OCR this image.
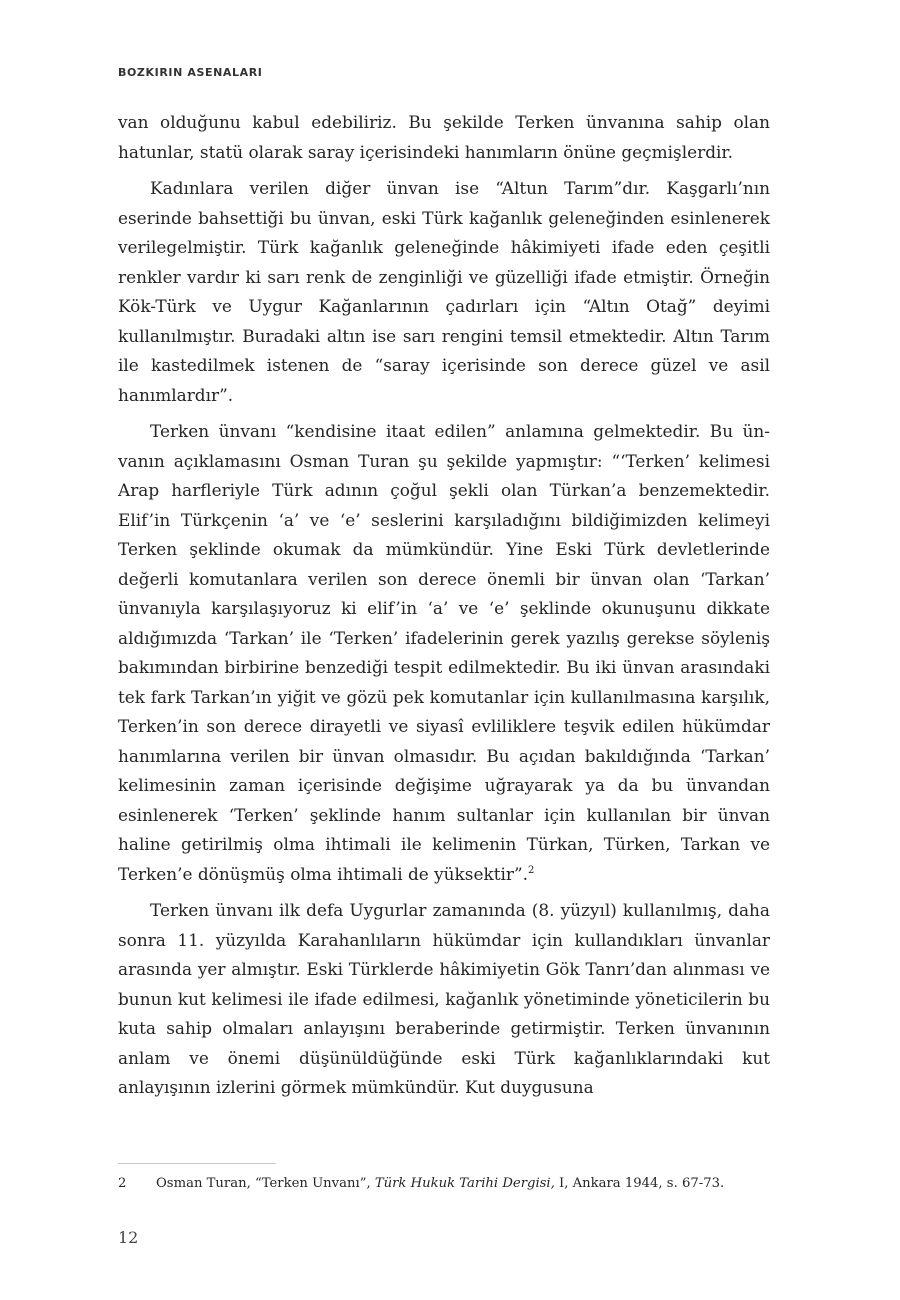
BOZKIRIN ASENALARI

van olduğunu kabul edebiliriz. Bu şekilde Terken ünvanına sahip olan hatunlar, statü olarak saray içerisindeki hanımların önüne geçmişlerdir.

Kadınlara verilen diğer ünvan ise “Altun Tarım”dır. Kaşgarlı’nın eserinde bahsettiği bu ünvan, eski Türk kağanlık geleneğinden esinlenerek verilegelmiştir. Türk kağanlık geleneğinde hâkimiyeti ifade eden çeşitli renkler vardır ki sarı renk de zenginliği ve güzelliği ifade etmiştir. Örneğin Kök-Türk ve Uygur Kağanlarının çadırları için “Altın Otağ” deyimi kullanılmıştır. Buradaki altın ise sarı rengini temsil etmektedir. Altın Tarım ile kastedilmek istenen de “saray içerisinde son derece güzel ve asil hanımlardır”.

Terken ünvanı “kendisine itaat edilen” anlamına gelmektedir. Bu ünvanın açıklamasını Osman Turan şu şekilde yapmıştır: “‘Terken’ kelimesi Arap harfleriyle Türk adının çoğul şekli olan Türkan’a benzemektedir. Elif’in Türkçenin ‘a’ ve ‘e’ seslerini karşıladığını bildiğimizden kelimeyi Terken şeklinde okumak da mümkündür. Yine Eski Türk devletlerinde değerli komutanlara verilen son derece önemli bir ünvan olan ‘Tarkan’ ünvanıyla karşılaşıyoruz ki elif’in ‘a’ ve ‘e’ şeklinde okunuşunu dikkate aldığımızda ‘Tarkan’ ile ‘Terken’ ifadelerinin gerek yazılış gerekse söyleniş bakımından birbirine benzediği tespit edilmektedir. Bu iki ünvan arasındaki tek fark Tarkan’ın yiğit ve gözü pek komutanlar için kullanılmasına karşılık, Terken’in son derece dirayetli ve siyasî evliliklere teşvik edilen hükümdar hanımlarına verilen bir ünvan olmasıdır. Bu açıdan bakıldığında ‘Tarkan’ kelimesinin zaman içerisinde değişime uğrayarak ya da bu ünvandan esinlenerek ‘Terken’ şeklinde hanım sultanlar için kullanılan bir ünvan haline getirilmiş olma ihtimali ile kelimenin Türkan, Türken, Tarkan ve Terken’e dönüşmüş olma ihtimali de yüksektir”.$^2$

Terken ünvanı ilk defa Uygurlar zamanında (8. yüzyıl) kullanılmış, daha sonra 11. yüzyılda Karahanlıların hükümdar için kullandıkları ünvanlar arasında yer almıştır. Eski Türklerde hâkimiyetin Gök Tanrı’dan alınması ve bunun kut kelimesi ile ifade edilmesi, kağanlık yönetiminde yöneticilerin bu kuta sahip olmaları anlayışını beraberinde getirmiştir. Terken ünvanının anlam ve önemi düşünüldüğünde eski Türk kağanlıklarındaki kut anlayışının izlerini görmek mümkündür. Kut duygusuna

2 Osman Turan, “Terken Unvanı”, Türk Hukuk Tarihi Dergisi, I, Ankara 1944, s. 67-73.
12
